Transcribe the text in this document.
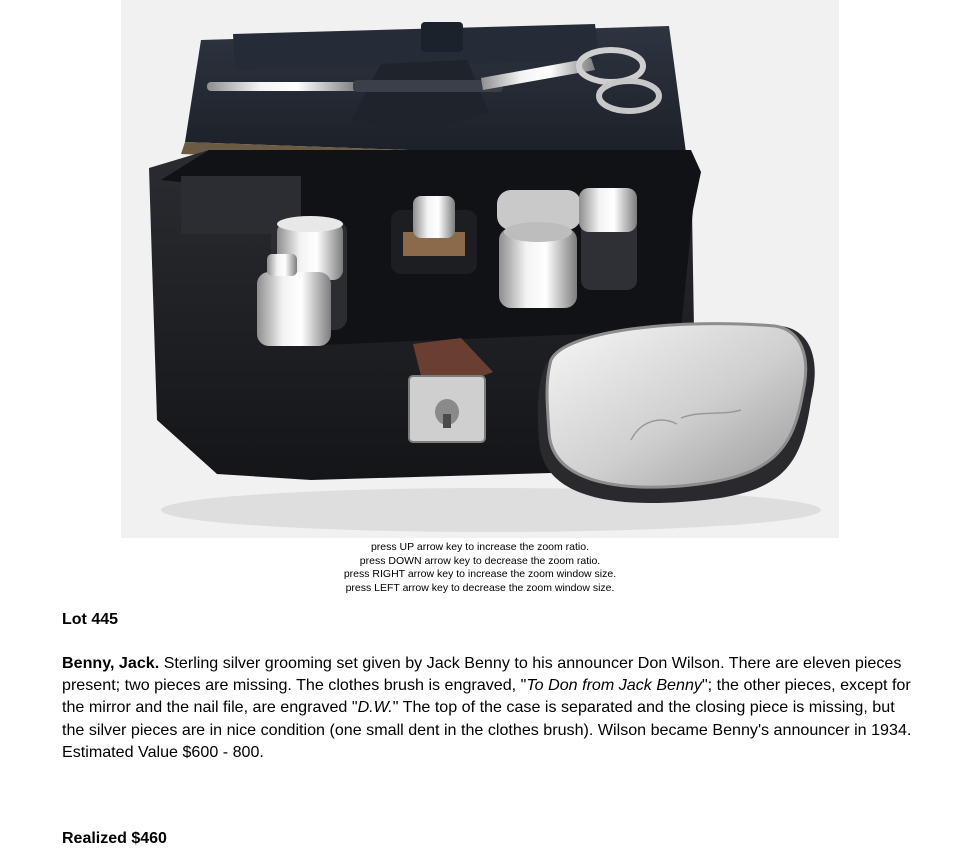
press UP arrow key to increase the zoom ratio.
press DOWN arrow key to decrease the zoom ratio.
press RIGHT arrow key to increase the zoom window size.
press LEFT arrow key to decrease the zoom window size.
Lot 445
Benny, Jack. Sterling silver grooming set given by Jack Benny to his announcer Don Wilson. There are eleven pieces present; two pieces are missing. The clothes brush is engraved, "To Don from Jack Benny"; the other pieces, except for the mirror and the nail file, are engraved "D.W." The top of the case is separated and the closing piece is missing, but the silver pieces are in nice condition (one small dent in the clothes brush). Wilson became Benny's announcer in 1934.
Estimated Value $600 - 800.
Realized $460
